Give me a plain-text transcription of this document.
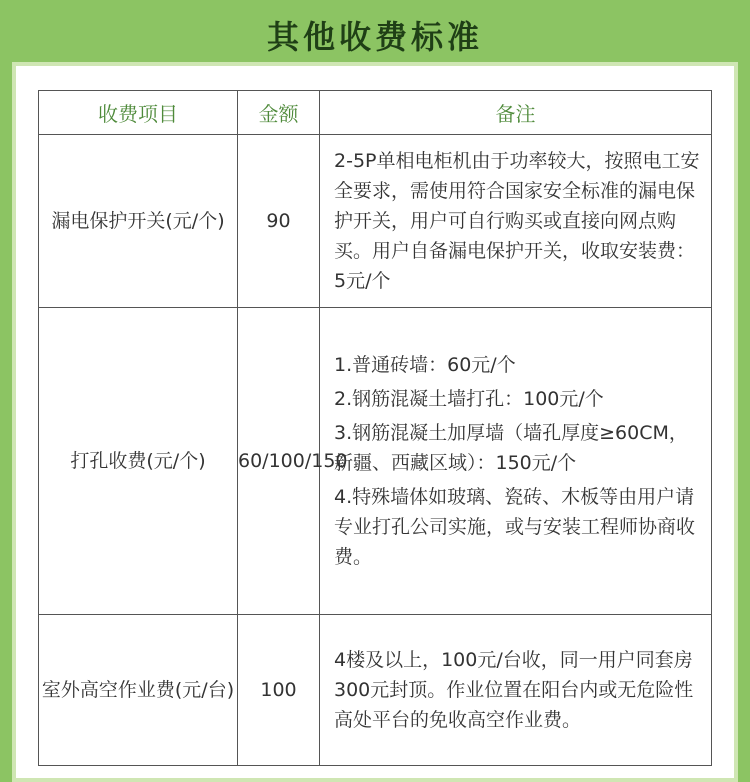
其他收费标准
收费项目	金额	备注
漏电保护开关(元/个)	90	2-5P单相电柜机由于功率较大，按照电工安全要求，需使用符合国家安全标准的漏电保护开关，用户可自行购买或直接向网点购买。用户自备漏电保护开关，收取安装费：5元/个
打孔收费(元/个)	60/100/150	1.普通砖墙：60元/个
2.钢筋混凝土墙打孔：100元/个
3.钢筋混凝土加厚墙（墙孔厚度≥60CM，新疆、西藏区域）：150元/个
4.特殊墙体如玻璃、瓷砖、木板等由用户请专业打孔公司实施，或与安装工程师协商收费。

室外高空作业费(元/台)	100	4楼及以上，100元/台收，同一用户同套房300元封顶。作业位置在阳台内或无危险性高处平台的免收高空作业费。
